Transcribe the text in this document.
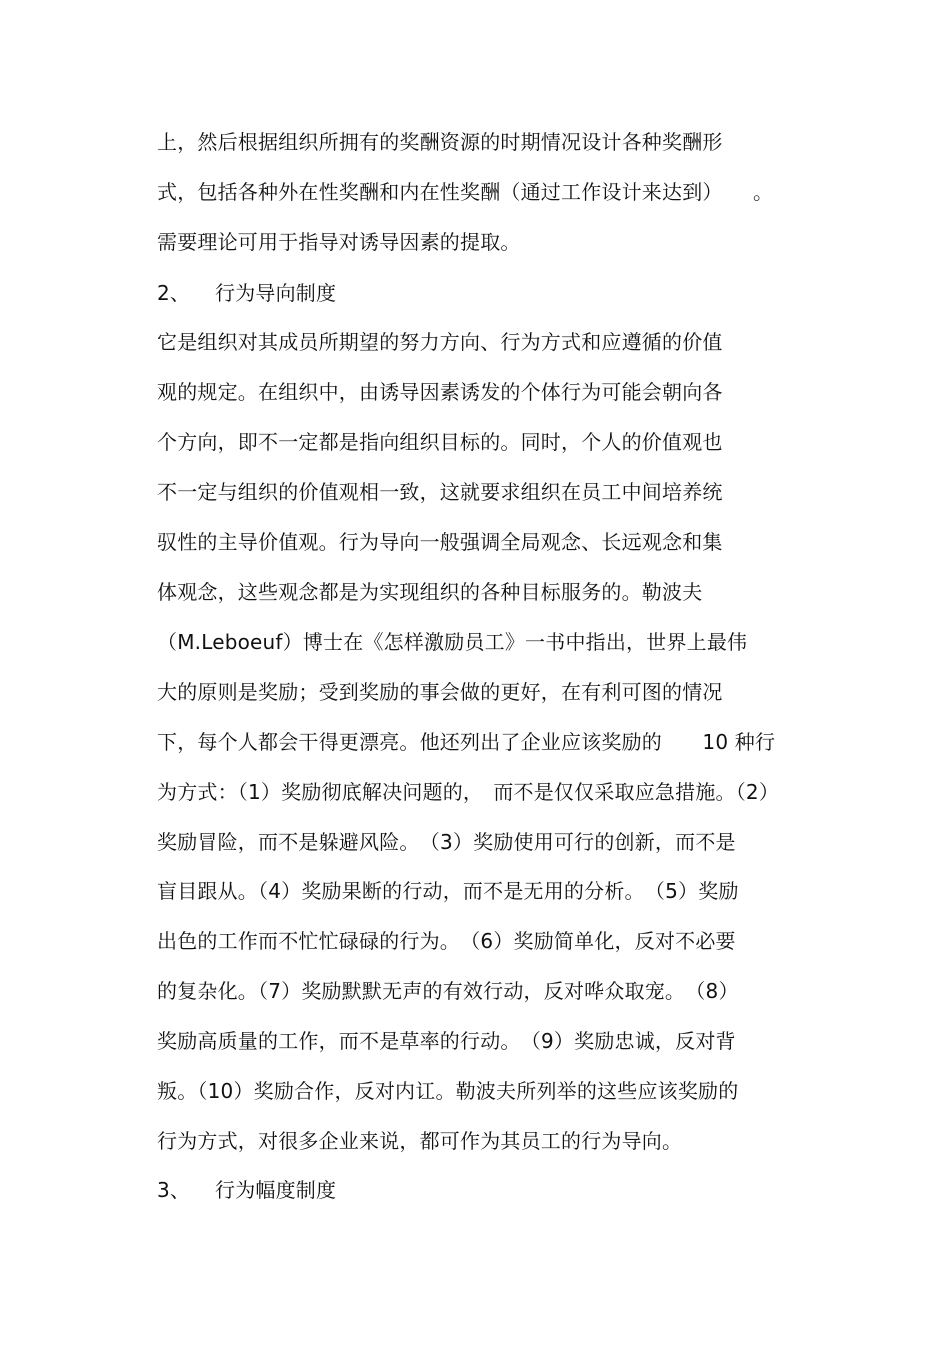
上，然后根据组织所拥有的奖酬资源的时期情况设计各种奖酬形
式，包括各种外在性奖酬和内在性奖酬（通过工作设计来达到）　　。
需要理论可用于指导对诱导因素的提取。
2、 行为导向制度
它是组织对其成员所期望的努力方向、行为方式和应遵循的价值
观的规定。在组织中，由诱导因素诱发的个体行为可能会朝向各
个方向，即不一定都是指向组织目标的。同时，个人的价值观也
不一定与组织的价值观相一致，这就要求组织在员工中间培养统
驭性的主导价值观。行为导向一般强调全局观念、长远观念和集
体观念，这些观念都是为实现组织的各种目标服务的。勒波夫
（M.Leboeuf）博士在《怎样激励员工》一书中指出，世界上最伟
大的原则是奖励；受到奖励的事会做的更好，在有利可图的情况
下，每个人都会干得更漂亮。他还列出了企业应该奖励的　　10 种行
为方式：（1）奖励彻底解决问题的，　而不是仅仅采取应急措施。（2）
奖励冒险，而不是躲避风险。　（3）奖励使用可行的创新，而不是
盲目跟从。（4）奖励果断的行动，而不是无用的分析。　（5）奖励
出色的工作而不忙忙碌碌的行为。　（6）奖励简单化，反对不必要
的复杂化。（7）奖励默默无声的有效行动，反对哗众取宠。　（8）
奖励高质量的工作，而不是草率的行动。　（9）奖励忠诚，反对背
叛。（10）奖励合作，反对内讧。勒波夫所列举的这些应该奖励的
行为方式，对很多企业来说，都可作为其员工的行为导向。
3、 行为幅度制度
